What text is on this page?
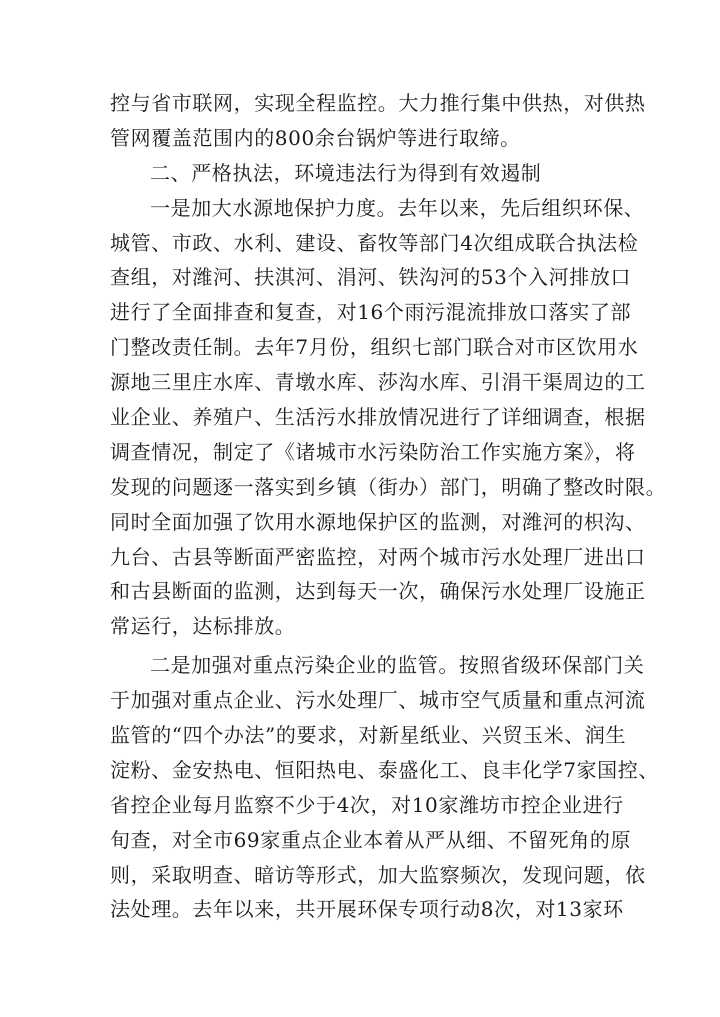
控与省市联网，实现全程监控。大力推行集中供热，对供热
管网覆盖范围内的800余台锅炉等进行取缔。
二、严格执法，环境违法行为得到有效遏制
一是加大水源地保护力度。去年以来，先后组织环保、
城管、市政、水利、建设、畜牧等部门4次组成联合执法检
查组，对潍河、扶淇河、涓河、铁沟河的53个入河排放口
进行了全面排查和复查，对16个雨污混流排放口落实了部
门整改责任制。去年7月份，组织七部门联合对市区饮用水
源地三里庄水库、青墩水库、莎沟水库、引涓干渠周边的工
业企业、养殖户、生活污水排放情况进行了详细调查，根据
调查情况，制定了《诸城市水污染防治工作实施方案》，将
发现的问题逐一落实到乡镇（街办）部门，明确了整改时限。
同时全面加强了饮用水源地保护区的监测，对潍河的枳沟、
九台、古县等断面严密监控，对两个城市污水处理厂进出口
和古县断面的监测，达到每天一次，确保污水处理厂设施正
常运行，达标排放。
二是加强对重点污染企业的监管。按照省级环保部门关
于加强对重点企业、污水处理厂、城市空气质量和重点河流
监管的“四个办法”的要求，对新星纸业、兴贸玉米、润生
淀粉、金安热电、恒阳热电、泰盛化工、良丰化学7家国控、
省控企业每月监察不少于4次，对10家潍坊市控企业进行
旬查，对全市69家重点企业本着从严从细、不留死角的原
则，采取明查、暗访等形式，加大监察频次，发现问题，依
法处理。去年以来，共开展环保专项行动8次，对13家环
